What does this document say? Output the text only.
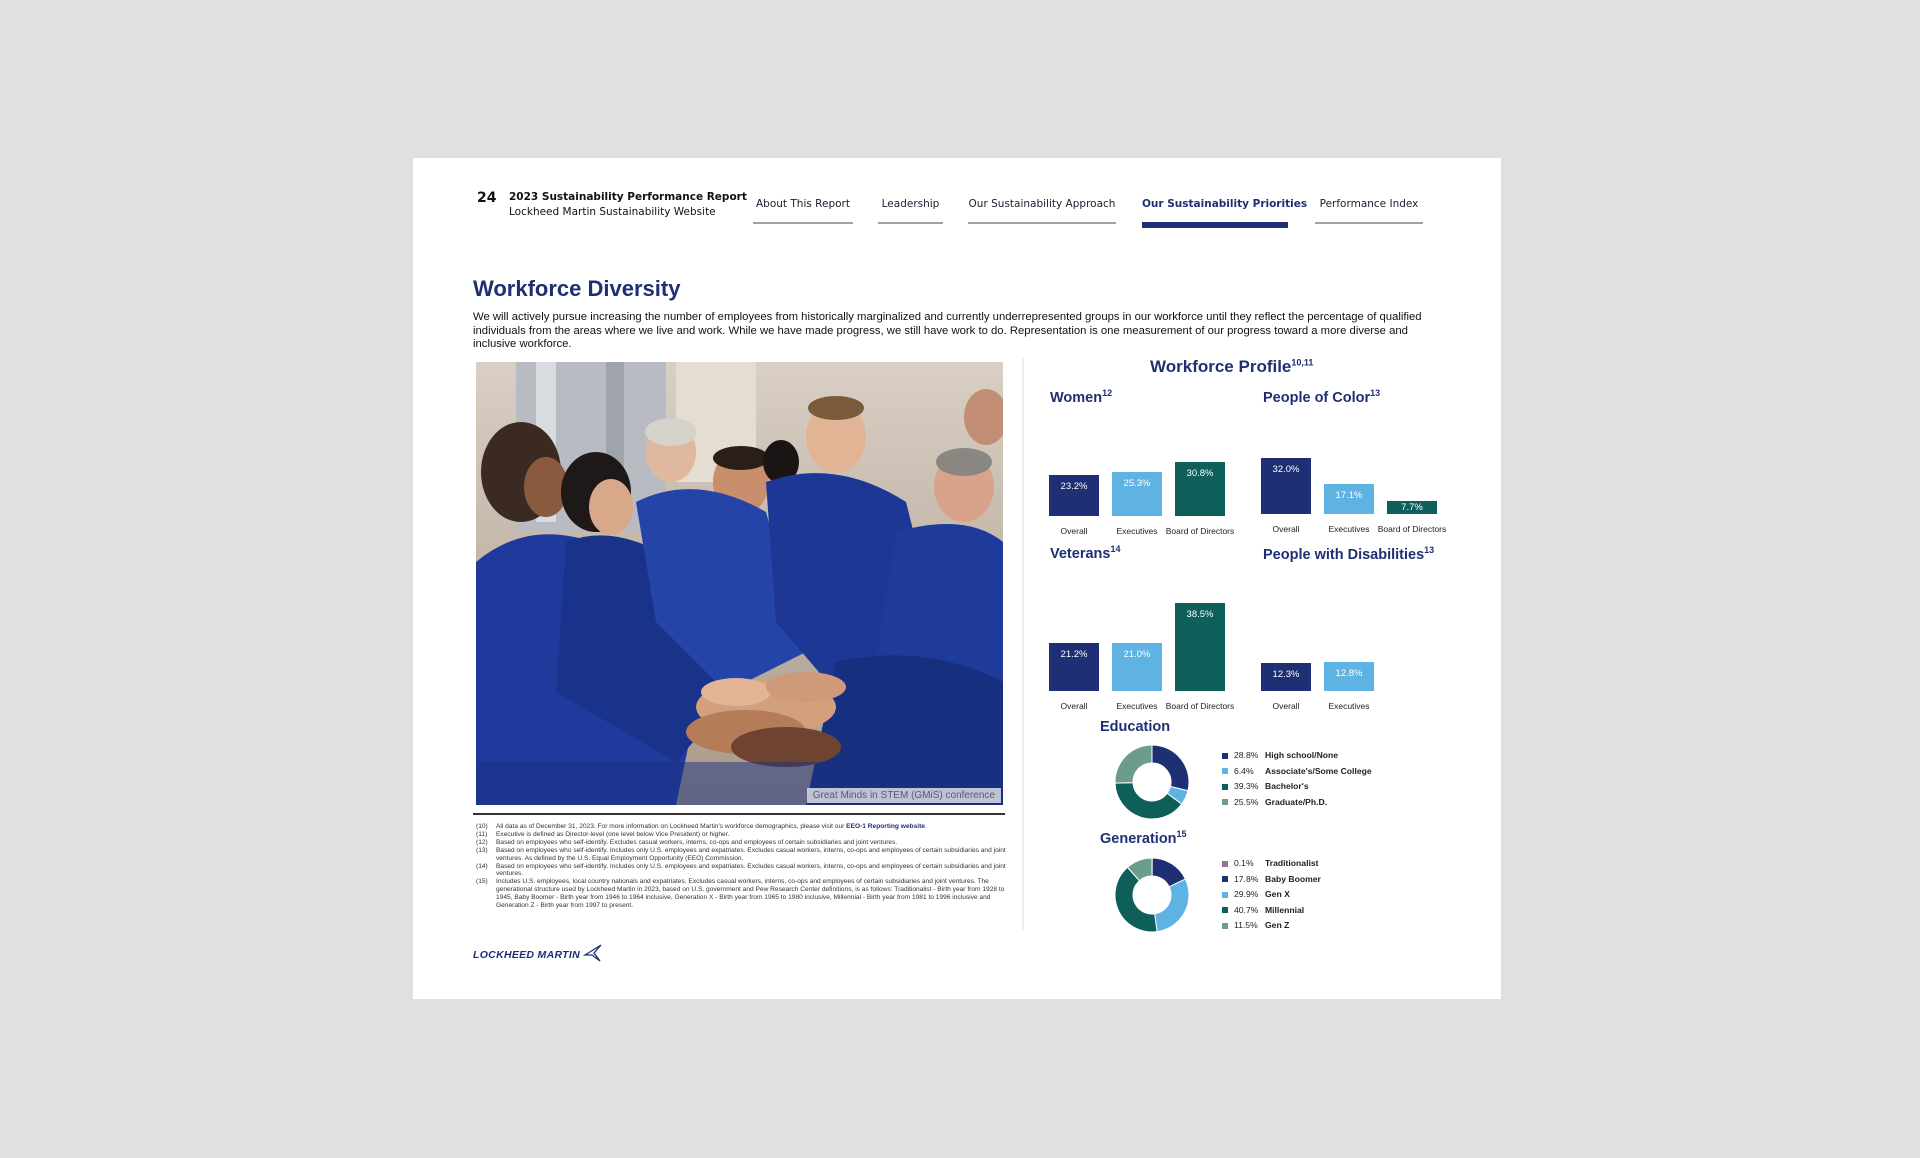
24 2023 Sustainability Performance Report
Lockheed Martin Sustainability Website
About This Report	Leadership	Our Sustainability Approach	Our Sustainability Priorities	Performance Index
Workforce Diversity
We will actively pursue increasing the number of employees from historically marginalized and currently underrepresented groups in our workforce until they reflect the percentage of qualified individuals from the areas where we live and work. While we have made progress, we still have work to do. Representation is one measurement of our progress toward a more diverse and inclusive workforce.
Great Minds in STEM (GMiS) conference
(10)	All data as of December 31, 2023. For more information on Lockheed Martin's workforce demographics, please visit our EEO-1 Reporting website.
(11)	Executive is defined as Director-level (one level below Vice President) or higher.
(12)	Based on employees who self-identify. Excludes casual workers, interns, co-ops and employees of certain subsidiaries and joint ventures.
(13)	Based on employees who self-identify. Includes only U.S. employees and expatriates. Excludes casual workers, interns, co-ops and employees of certain subsidiaries and joint ventures. As defined by the U.S. Equal Employment Opportunity (EEO) Commission.
(14)	Based on employees who self-identify. Includes only U.S. employees and expatriates. Excludes casual workers, interns, co-ops and employees of certain subsidiaries and joint ventures.
(15)	Includes U.S. employees, local country nationals and expatriates. Excludes casual workers, interns, co-ops and employees of certain subsidiaries and joint ventures. The generational structure used by Lockheed Martin in 2023, based on U.S. government and Pew Research Center definitions, is as follows: Traditionalist - Birth year from 1928 to 1945, Baby Boomer - Birth year from 1946 to 1964 inclusive, Generation X - Birth year from 1965 to 1980 inclusive, Millennial - Birth year from 1981 to 1996 inclusive and Generation Z - Birth year from 1997 to present.
LOCKHEED MARTIN
Workforce Profile$^{10,11}$
Women$^{12}$
23.2%
Overall
25.3%
Executives
30.8%
Board of Directors
People of Color$^{13}$
32.0%
Overall
17.1%
Executives
7.7%
Board of Directors
Veterans$^{14}$
21.2%
Overall
21.0%
Executives
38.5%
Board of Directors
People with Disabilities$^{13}$
12.3%
Overall
12.8%
Executives
Education
28.8% High school/None
6.4%	Associate's/Some College
39.3% Bachelor's
25.5% Graduate/Ph.D.
Generation$^{15}$
0.1%	Traditionalist
17.8% Baby Boomer
29.9% Gen X
40.7% Millennial
11.5% Gen Z
